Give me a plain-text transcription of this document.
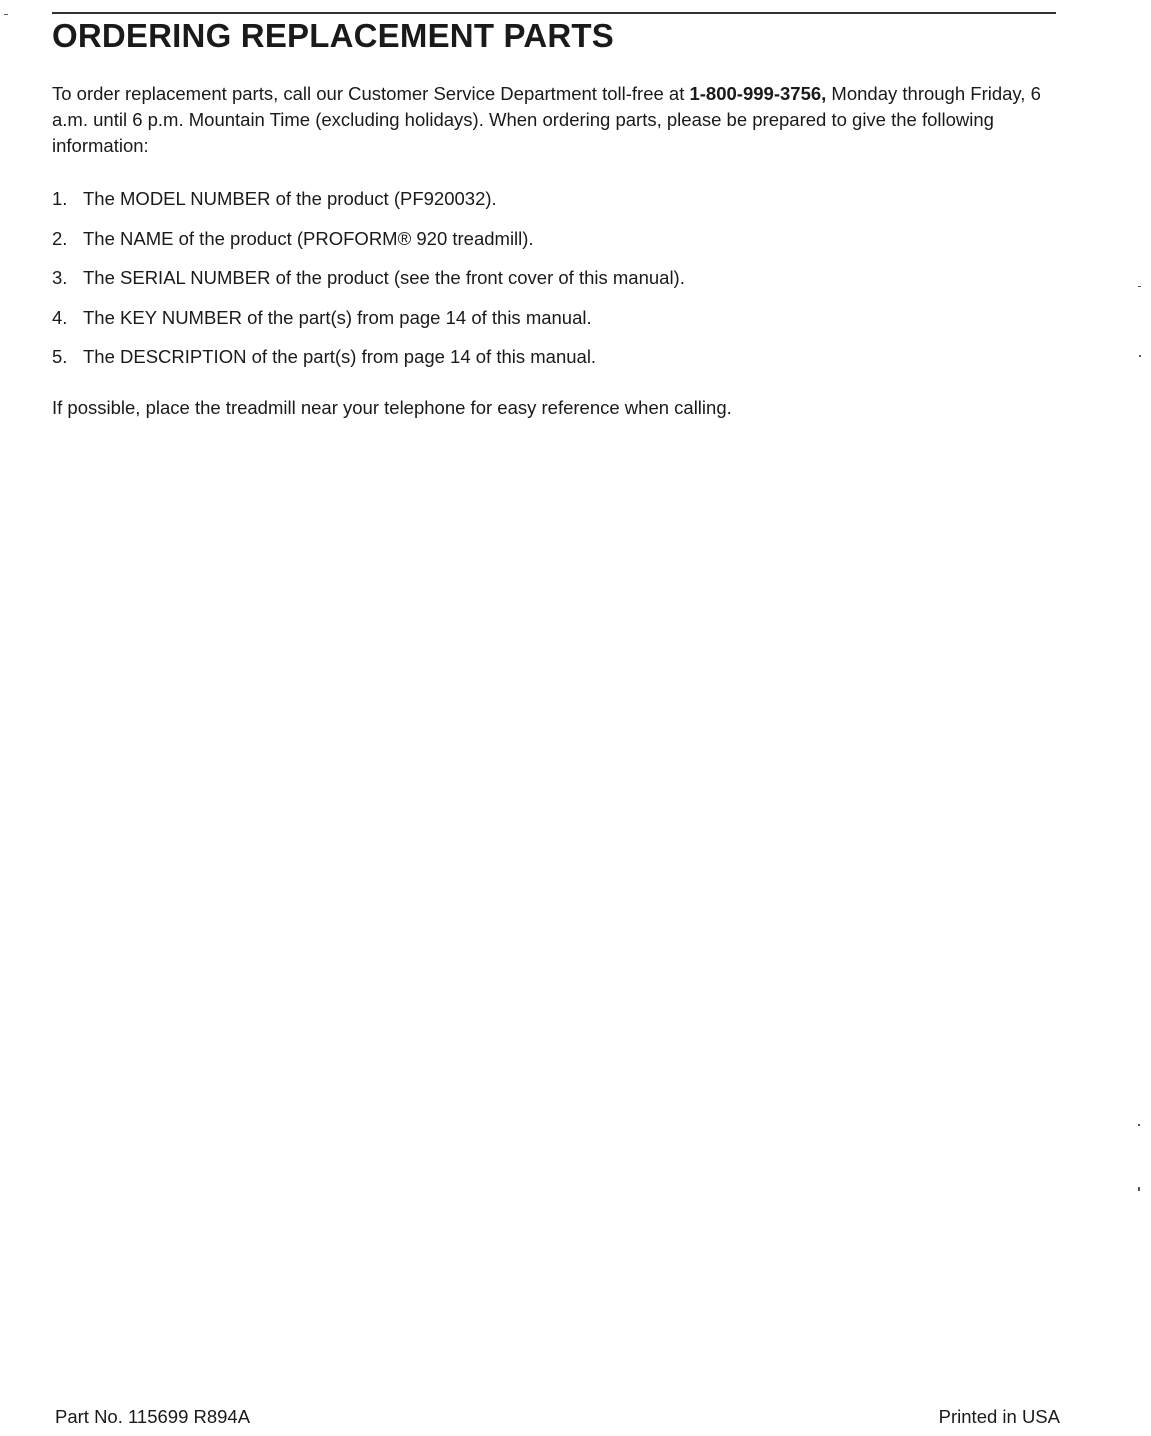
ORDERING REPLACEMENT PARTS

To order replacement parts, call our Customer Service Department toll-free at 1-800-999-3756, Monday through Friday, 6 a.m. until 6 p.m. Mountain Time (excluding holidays). When ordering parts, please be prepared to give the following information:

1. The MODEL NUMBER of the product (PF920032).
2. The NAME of the product (PROFORM® 920 treadmill).
3. The SERIAL NUMBER of the product (see the front cover of this manual).
4. The KEY NUMBER of the part(s) from page 14 of this manual.
5. The DESCRIPTION of the part(s) from page 14 of this manual.

If possible, place the treadmill near your telephone for easy reference when calling.

Part No. 115699 R894A	Printed in USA
